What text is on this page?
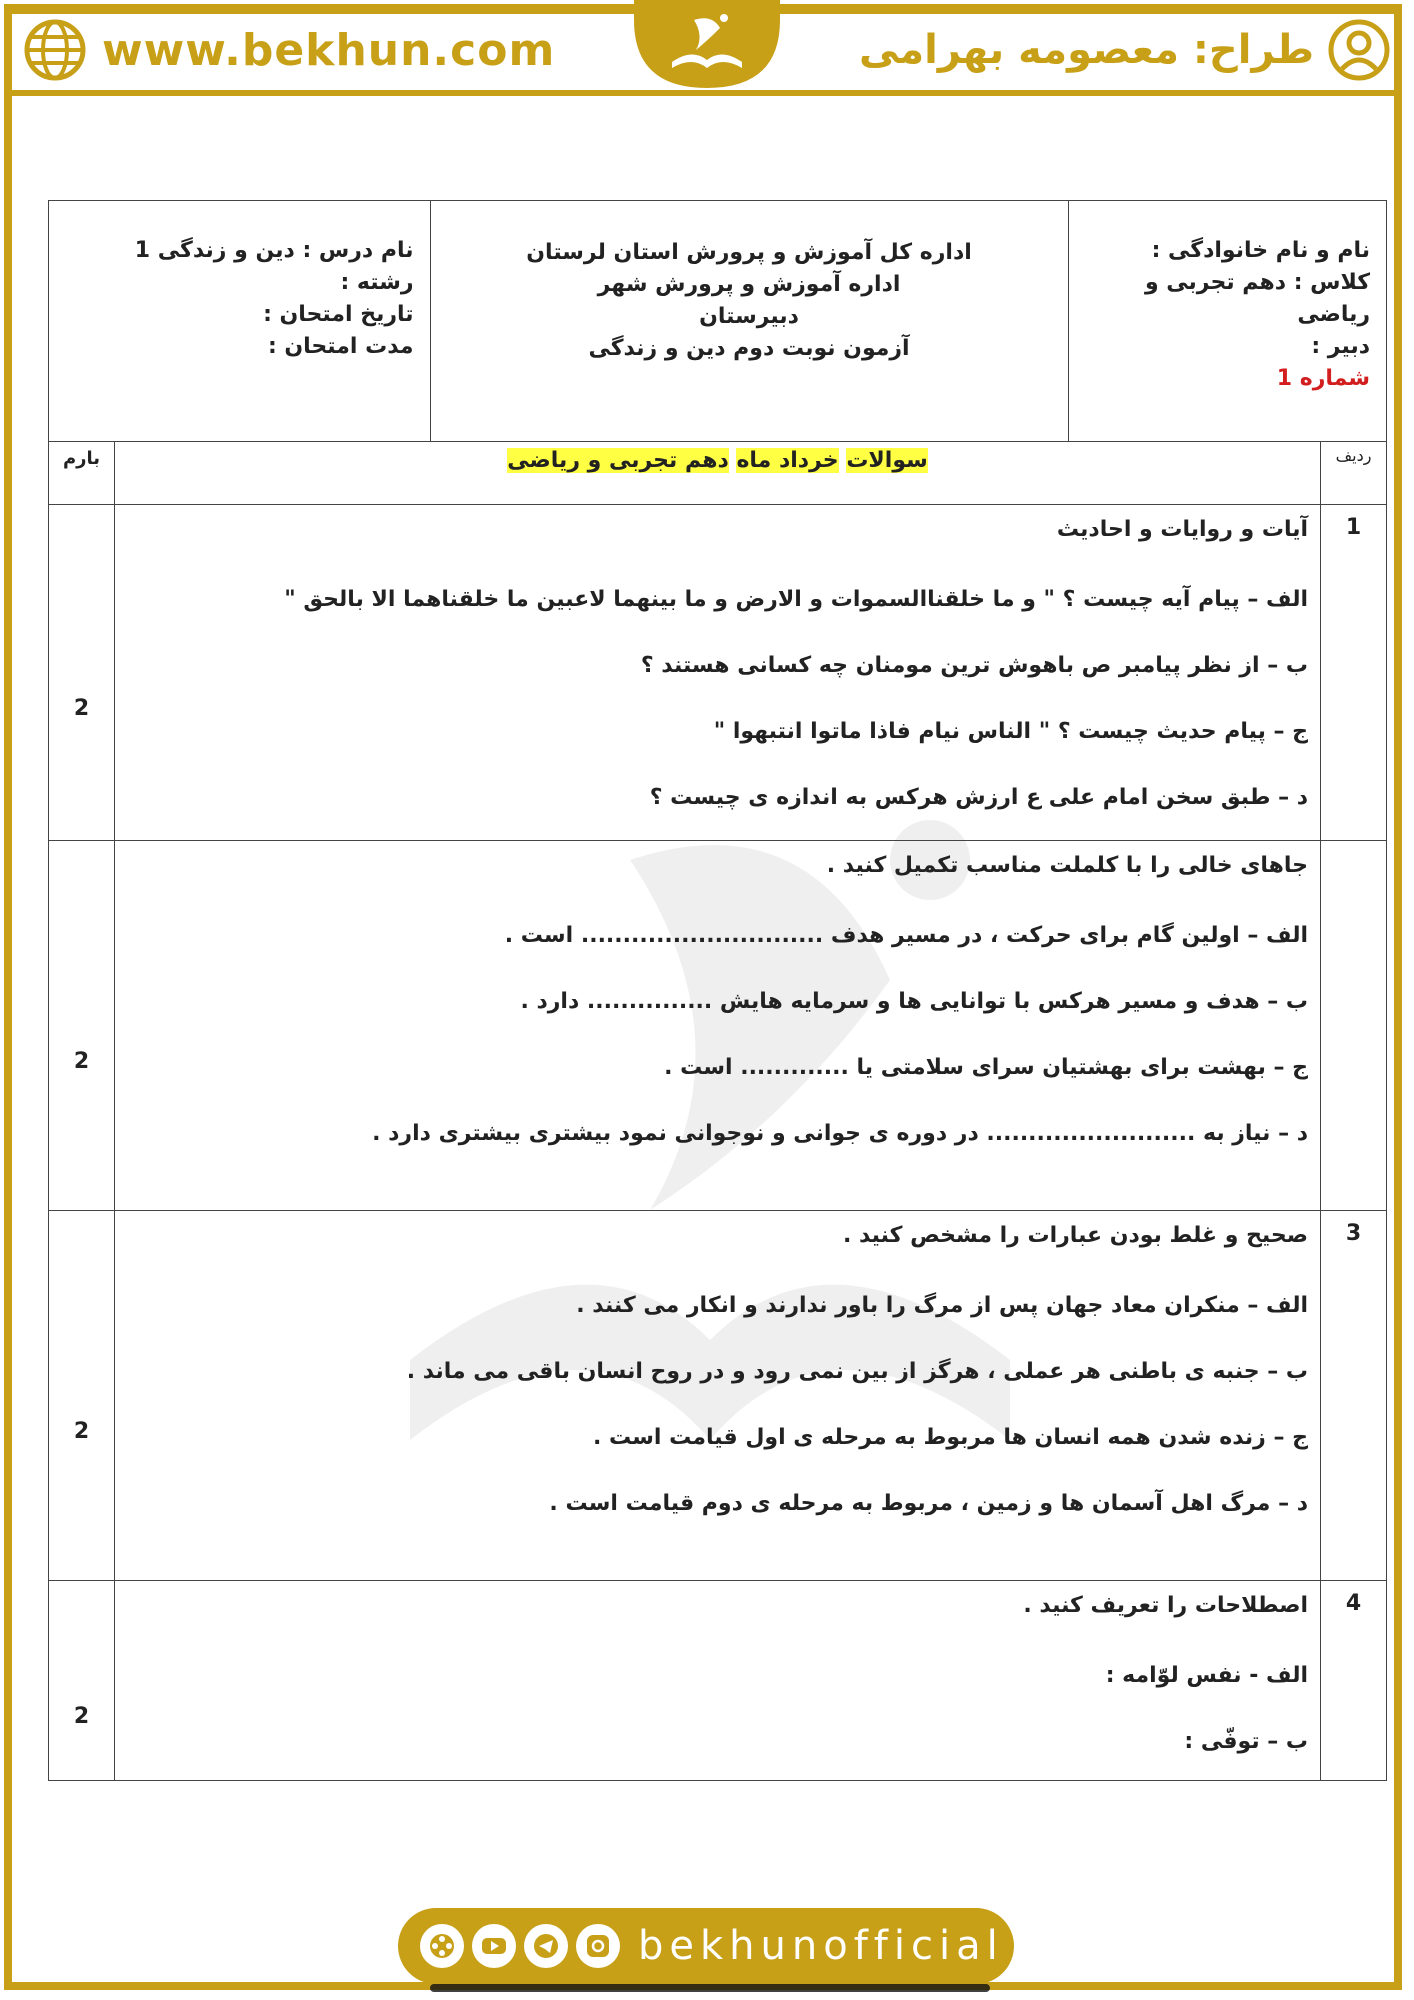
www.bekhun.com	طراح: معصومه بهرامی
نام و نام خانوادگی :
کلاس : دهم تجربی و
ریاضی
دبیر :
شماره 1

اداره کل آموزش و پرورش استان لرستان
اداره آموزش و پرورش شهر
دبیرستان
آزمون نوبت دوم دین و زندگی

نام درس : دین و زندگی 1
رشته :
تاریخ امتحان :
مدت امتحان :

ردیف	سوالات خرداد ماه دهم تجربی و ریاضی	بارم
1	
آیات و روایات و احادیث
الف – پیام آیه چیست ؟ " و ما خلقناالسموات و الارض و ما بینهما لاعبین ما خلقناهما الا بالحق "
ب – از نظر پیامبر ص باهوش ترین مومنان چه کسانی هستند ؟
ج – پیام حدیث چیست ؟ " الناس نیام فاذا ماتوا انتبهوا "
د – طبق سخن امام علی ع ارزش هرکس به اندازه ی چیست ؟
	2

جاهای خالی را با کلملت مناسب تکمیل کنید .
الف – اولین گام برای حرکت ، در مسیر هدف ............................. است .
ب – هدف و مسیر هرکس با توانایی ها و سرمایه هایش ............... دارد .
ج – بهشت برای بهشتیان سرای سلامتی یا ............. است .
د – نیاز به ......................... در دوره ی جوانی و نوجوانی نمود بیشتری بیشتری دارد .
	2
3	
صحیح و غلط بودن عبارات را مشخص کنید .
الف – منکران معاد جهان پس از مرگ را باور ندارند و انکار می کنند .
ب – جنبه ی باطنی هر عملی ، هرگز از بین نمی رود و در روح انسان باقی می ماند .
ج – زنده شدن همه انسان ها مربوط به مرحله ی اول قیامت است .
د – مرگ اهل آسمان ها و زمین ، مربوط به مرحله ی دوم قیامت است .
	2
4	
اصطلاحات را تعریف کنید .
الف - نفس لوّامه :
ب – توفّی :
	2
bekhunofficial
